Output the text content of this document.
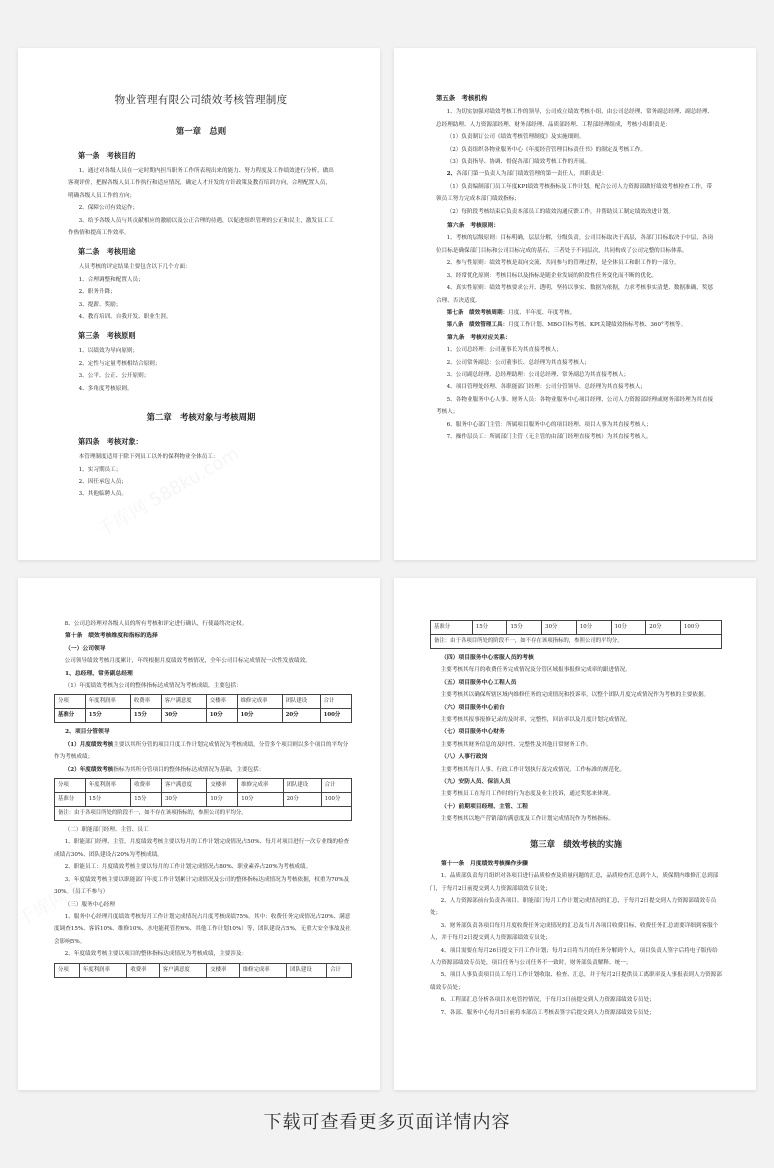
物业管理有限公司绩效考核管理制度

第一章　总则

第一条　考核目的

1、通过对各级人员在一定时期内担当职务工作所表现出来的能力、努力程度及工作绩效进行分析，做出客观评价，把握各级人员工作执行和适应情况，确定人才开发的方针政策及教育培训方向，合理配置人员，明确各级人员工作的方向；

2、保障公司有效运作；

3、给予各级人员与其贡献相应的激励以及公正合理的待遇，以促进组织管理的公正和民主，激发员工工作热情和提高工作效率。

第二条　考核用途

人员考核的评定结果主要包含以下几个方面：

1、合理调整和配置人员；

2、职务升降；

3、提薪、奖励；

4、教育培训、自我开发、职业生涯。

第三条　考核原则

1、以绩效为导向原则；

2、定性与定量考核相结合原则；

3、公平、公正、公开原则；

4、多角度考核原则。

第二章　考核对象与考核周期

第四条　考核对象：

本管理制度适用于除下列员工以外的保利物业全体员工：

1、实习期员工；

2、因任承包人员；

3、其他临聘人员。

第五条　考核机构

1、为切实加强对绩效考核工作的领导，公司成立绩效考核小组，由公司总经理、常务副总经理、副总经理、总经理助理、人力资源部经理、财务部经理、品质部经理、工程部经理组成，考核小组职责是：

（1）负责制订公司《绩效考核管理制度》及实施细则。

（2）负责组织各物业服务中心《年度经营管理目标责任书》的制定及考核工作。

（3）负责指导、协调、督促各部门绩效考核工作的开展。

2、各部门第一负责人为部门绩效管理的第一责任人，其职责是：

（1）负责编制部门员工年度KPI绩效考核指标及工作计划，配合公司人力资源部做好绩效考核检查工作，带领员工努力完成本部门绩效指标；

（2）每阶段考核结束后负责本部员工的绩效沟通反馈工作，并帮助员工制定绩效改进计划。

第六条　考核原则：

1、考核的层级原则：目标明确，层层分解，分级负责。公司目标取决于高层，各部门目标取决于中层，各岗位目标是确保部门目标和公司目标完成的基石，三者处于不同层次，共同构成了公司完整的目标体系。

2、参与性原则：绩效考核是双向交流、共同参与的管理过程，是全体员工和职工作的一部分。

3、经常优化原则：考核目标以及指标是随企业发展的阶段性任务变化而不断的优化。

4、真实性原则：绩效考核要求公开、透明，坚持以事实、数据为依据，力求考核事实清楚、数据准确、奖惩合理、否决适度。

第七条　绩效考核周期：月度、半年度、年度考核。

第八条　绩效管理工具：月度工作计划、MBO目标考核、KPI关键绩效指标考核、360°考核等。

第九条　考核对应关系：

1、公司总经理：公司董事长为其直接考核人；

2、公司常务副总：公司董事长、总经理为其直接考核人；

3、公司副总经理、总经理助理：公司总经理、常务副总为其直接考核人；

4、项目管理处经理、各职能部门经理：公司分管领导、总经理为其直接考核人；

5、各物业服务中心人事、财务人员：各物业服务中心项目经理、公司人力资源部经理或财务部经理为其直接考核人；

6、服务中心部门主管：所属项目服务中心的项目经理、项目人事为其直接考核人；

7、操作层员工：所属部门主管（无主管的由部门经理直接考核）为其直接考核人。

8、公司总经理对各级人员的所有考核和评定进行确认，行使最终决定权。

第十条　绩效考核维度和指标的选择

（一）公司领导

公司领导绩效考核月度累计，年终根据月度绩效考核情况，全年公司目标完成情况一次性发放绩效。

1、总经理、常务副总经理

（1）年度绩效考核为公司的整体指标达成情况为考核成绩，主要包括：

分项	年度利润率	收费率	客户满意度	交楼率	维修完成率	团队建设	合计
基准分	15分	15分	30分	10分	10分	20分	100分

2、项目分管领导

（1）月度绩效考核主要以其所分管的项目月度工作计划完成情况为考核成绩，分管多个项目则以多个项目的平均分作为考核成绩；

（2）年度绩效考核指标为其所分管项目的整体指标达成情况为基础，主要包括：

分项	年度利润率	收费率	客户满意度	交楼率	维修完成率	团队建设	合计
基准分	15分	15分	30分	10分	10分	20分	100分
备注：由于各项目所处的阶段不一，如不存在该项指标的，参照公司的平均分。							

（二）职能部门经理、主管、员工

1、职能部门经理、主管，月度绩效考核主要以每月的工作计划完成情况占50%、每月对项目进行一次专业线的检查成绩占30%、团队建设占20%为考核成绩。

2、职能员工：月度绩效考核主要以每月的工作计划完成情况占80%、职业素养占20%为考核成绩。

3、年度绩效考核主要以职能部门年度工作计划累计完成情况及公司的整体指标达成情况为考核依据，权重为70%及30%。（员工不参与）

（三）服务中心经理

1、服务中心经理月度绩效考核每月工作计划完成情况占月度考核成绩75%。其中：收费任务完成情况占20%、满意度调查15%、客诉10%、维修10%、水电能耗管控6%、其他工作计划10%）等，团队建设占5%，无重大安全事故及社会影响5%。

2、年度绩效考核主要以项目的整体指标达成情况为考核成绩，主要涉及：

分项	年度利润率	收费率	客户满意度	交楼率	维修完成率	团队建设	合计
基准分	15分	15分	30分	10分	10分	20分	100分
备注：由于各项目所处的阶段不一，如不存在该项指标的，参照公司的平均分。

（四）项目服务中心客服人员的考核

主要考核其每月的收费任务完成情况及分管区域报事报修完成率的跟进情况。

（五）项目服务中心工程人员

主要考核其以确保所辖区域内维修任务的完成情况和投诉率，以整个团队月度完成情况作为考核的主要依据。

（六）项目服务中心前台

主要考核其报事报修记录的及时率，完整性，回访率以及月度计划完成情况。

（七）项目服务中心财务

主要考核其财务信息的及时性、完整性及其他日常财务工作。

（八）人事行政岗

主要考核其每月人事、行政工作计划执行及完成情况，工作标准的规范化。

（九）安防人员、保洁人员

主要考核员工在每月工作时的行为态度及业主投诉，通过奖惩来体现。

（十）前期项目经理、主管、工程

主要考核其以地产营销部的满意度及工作计划完成情况作为考核指标。

第三章　绩效考核的实施

第十一条　月度绩效考核操作步骤

1、品质部负责每月组织对各项目进行品质检查及质量问题的汇总，品质检查汇总到个人，质保期内维修汇总到部门，于每月2日前提交到人力资源部绩效专员处；

2、人力资源部前台负责各项目、职能部门每月工作计划完成情况的汇总，于每月2日提交到人力资源部绩效专员处；

3、财务部负责各项目每月月度收费任务完成情况的汇总及当月各项目收费目标，收费任务汇总需要详细到客服个人，并于每月2日提交到人力资源部绩效专员处；

4、项目需要在每月26日提交下月工作计划；每月2日将当月的任务分解到个人，项目负责人签字后将电子版传给人力资源部绩效专员处，项目任务与公司任务不一致时，财务部负责解释、统一；

5、项目人事负责项目员工每月工作计划收取、检查、汇总，并于每月2日提供员工离职率及人事报表到人力资源部绩效专员处；

6、工程部汇总分析各项目水电管控情况，于每月3日前提交到人力资源部绩效专员处；

7、各部、服务中心每月5日前将本部员工考核表签字后提交到人力资源部绩效专员处；

下载可查看更多页面详情内容
